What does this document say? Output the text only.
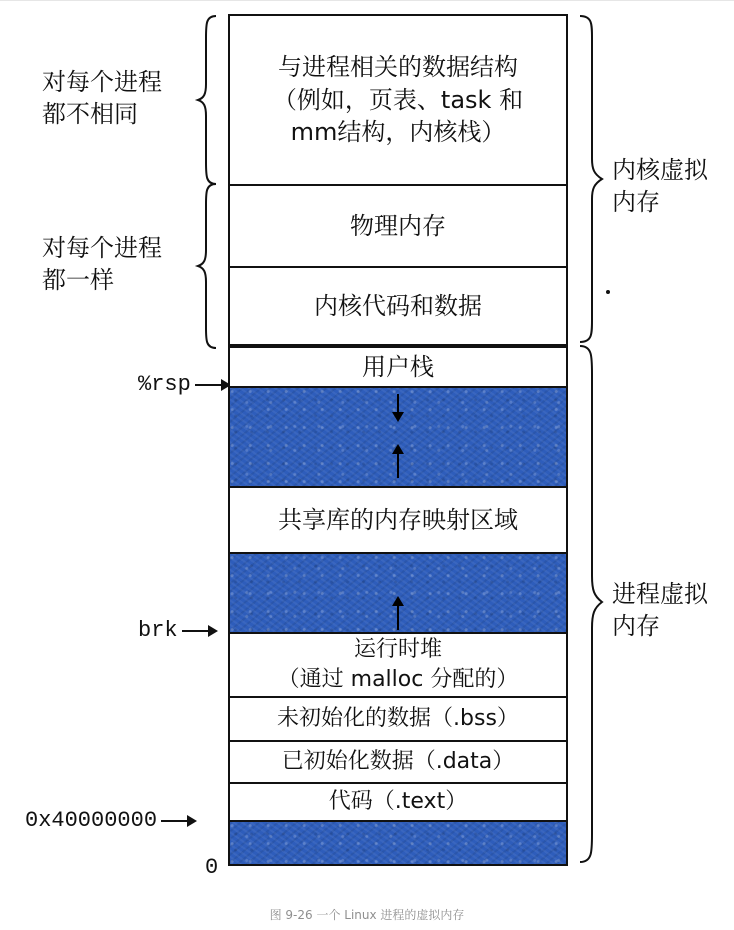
对每个进程
都不相同
对每个进程
都一样
内核虚拟
内存
进程虚拟
内存
%rsp
brk
0x40000000
0
与进程相关的数据结构
（例如，页表、task 和
mm结构，内核栈）
物理内存
内核代码和数据
用户栈

共享库的内存映射区域

运行时堆
（通过 malloc 分配的）
未初始化的数据（.bss）
已初始化数据（.data）
代码（.text）
图 9-26 一个 Linux 进程的虚拟内存
